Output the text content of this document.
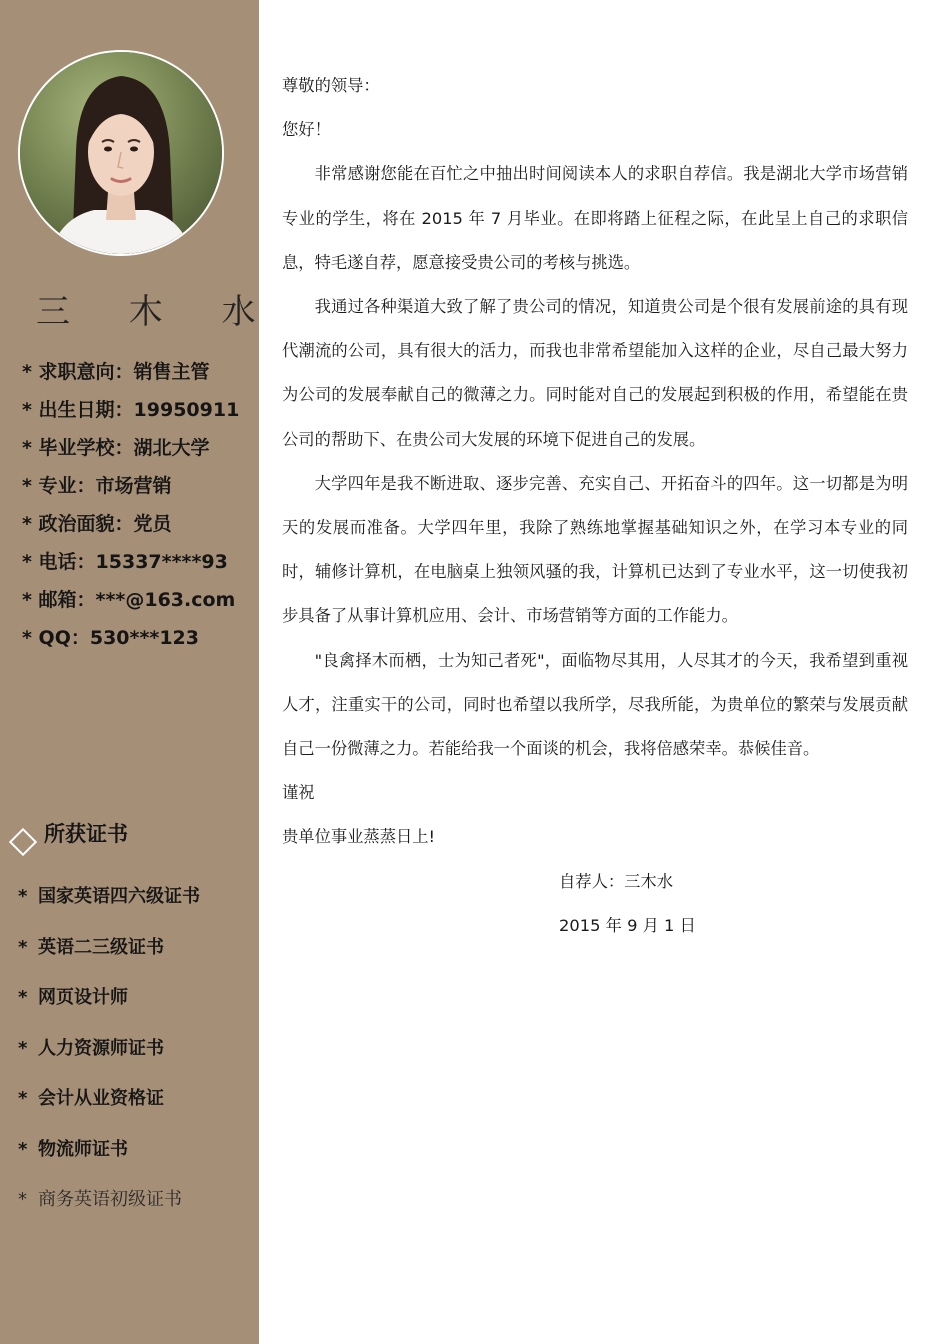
三 木 水
* 求职意向：销售主管
* 出生日期：19950911
* 毕业学校：湖北大学
* 专业：市场营销
* 政治面貌：党员
* 电话：15337****93
* 邮箱：***@163.com
* QQ：530***123
所获证书
* 国家英语四六级证书
* 英语二三级证书
* 网页设计师
* 人力资源师证书
* 会计从业资格证
* 物流师证书
* 商务英语初级证书
尊敬的领导：
您好！
非常感谢您能在百忙之中抽出时间阅读本人的求职自荐信。我是湖北大学市场营销专业的学生，将在 2015 年 7 月毕业。在即将踏上征程之际，在此呈上自己的求职信息，特毛遂自荐，愿意接受贵公司的考核与挑选。
我通过各种渠道大致了解了贵公司的情况，知道贵公司是个很有发展前途的具有现代潮流的公司，具有很大的活力，而我也非常希望能加入这样的企业，尽自己最大努力为公司的发展奉献自己的微薄之力。同时能对自己的发展起到积极的作用，希望能在贵公司的帮助下、在贵公司大发展的环境下促进自己的发展。
大学四年是我不断进取、逐步完善、充实自己、开拓奋斗的四年。这一切都是为明天的发展而准备。大学四年里，我除了熟练地掌握基础知识之外，在学习本专业的同时，辅修计算机，在电脑桌上独领风骚的我，计算机已达到了专业水平，这一切使我初步具备了从事计算机应用、会计、市场营销等方面的工作能力。
"良禽择木而栖，士为知己者死"，面临物尽其用，人尽其才的今天，我希望到重视人才，注重实干的公司，同时也希望以我所学，尽我所能，为贵单位的繁荣与发展贡献自己一份微薄之力。若能给我一个面谈的机会，我将倍感荣幸。恭候佳音。
谨祝
贵单位事业蒸蒸日上!
自荐人：三木水
2015 年 9 月 1 日
